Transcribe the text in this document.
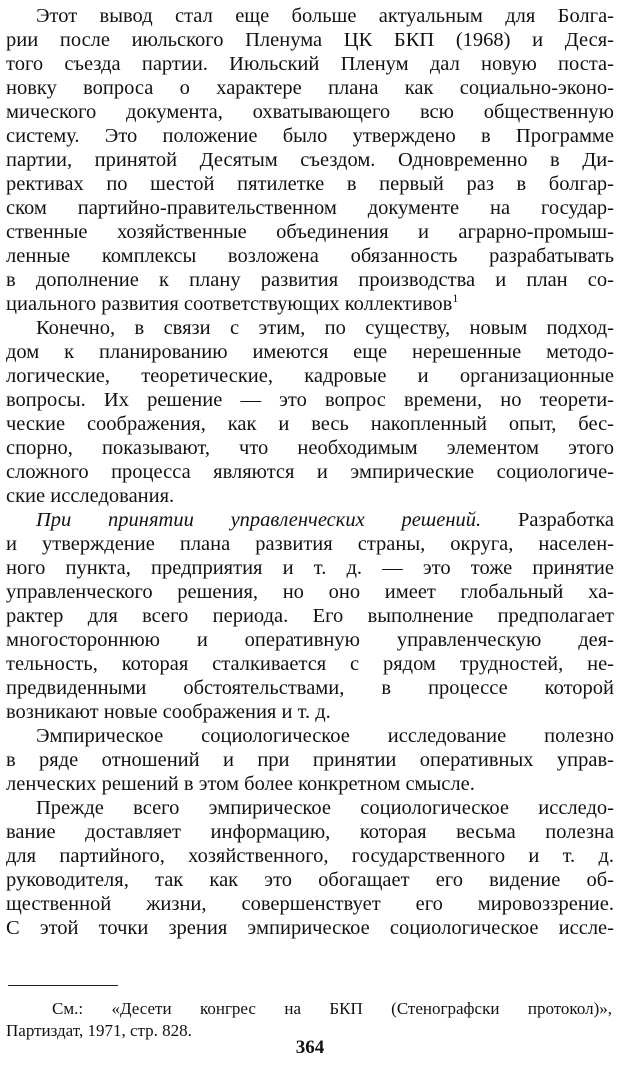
Этот вывод стал еще больше актуальным для Болга-
рии после июльского Пленума ЦК БКП (1968) и Деся-
того съезда партии. Июльский Пленум дал новую поста-
новку вопроса о характере плана как социально-эконо-
мического документа, охватывающего всю общественную
систему. Это положение было утверждено в Программе
партии, принятой Десятым съездом. Одновременно в Ди-
рективах по шестой пятилетке в первый раз в болгар-
ском партийно-правительственном документе на государ-
ственные хозяйственные объединения и аграрно-промыш-
ленные комплексы возложена обязанность разрабатывать
в дополнение к плану развития производства и план со-
циального развития соответствующих коллективов$^1$
Конечно, в связи с этим, по существу, новым подход-
дом к планированию имеются еще нерешенные методо-
логические, теоретические, кадровые и организационные
вопросы. Их решение — это вопрос времени, но теорети-
ческие соображения, как и весь накопленный опыт, бес-
спорно, показывают, что необходимым элементом этого
сложного процесса являются и эмпирические социологиче-
ские исследования.
При принятии управленческих решений. Разработка
и утверждение плана развития страны, округа, населен-
ного пункта, предприятия и т. д. — это тоже принятие
управленческого решения, но оно имеет глобальный ха-
рактер для всего периода. Его выполнение предполагает
многостороннюю и оперативную управленческую дея-
тельность, которая сталкивается с рядом трудностей, не-
предвиденными обстоятельствами, в процессе которой
возникают новые соображения и т. д.
Эмпирическое социологическое исследование полезно
в ряде отношений и при принятии оперативных управ-
ленческих решений в этом более конкретном смысле.
Прежде всего эмпирическое социологическое исследо-
вание доставляет информацию, которая весьма полезна
для партийного, хозяйственного, государственного и т. д.
руководителя, так как это обогащает его видение об-
щественной жизни, совершенствует его мировоззрение.
С этой точки зрения эмпирическое социологическое иссле-
См.: «Десети конгрес на БКП (Стенографски протокол)»,
Партиздат, 1971, стр. 828.
364
